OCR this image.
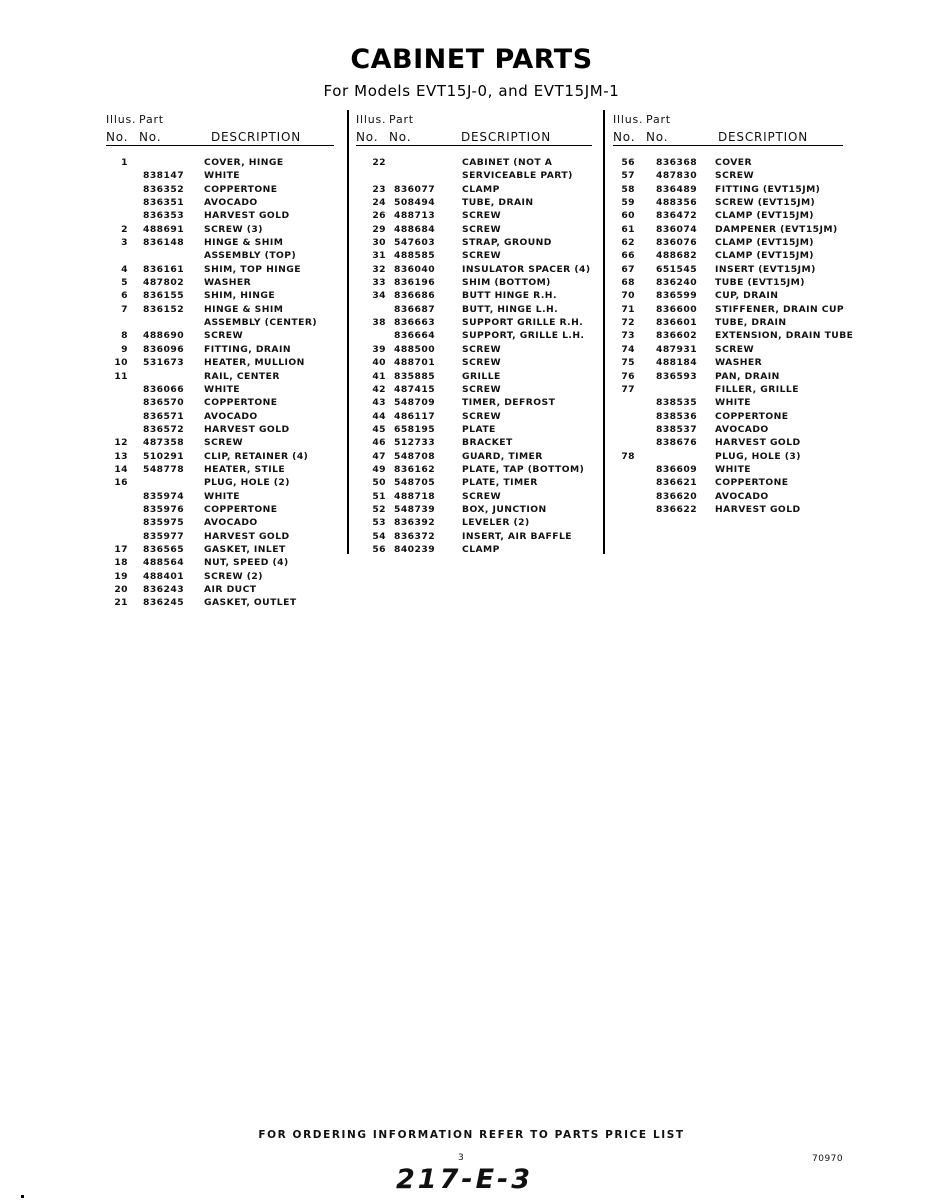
CABINET PARTS
For Models EVT15J-0, and EVT15JM-1
Illus. Part
No. No.	DESCRIPTION
1	COVER, HINGE
838147 WHITE
836352 COPPERTONE
836351 AVOCADO
836353 HARVEST GOLD
2 488691 SCREW (3)
3 836148 HINGE & SHIM
ASSEMBLY (TOP)
4 836161 SHIM, TOP HINGE
5 487802 WASHER
6 836155 SHIM, HINGE
7 836152 HINGE & SHIM
ASSEMBLY (CENTER)
8 488690 SCREW
9 836096 FITTING, DRAIN
10 531673 HEATER, MULLION
11	RAIL, CENTER
836066 WHITE
836570 COPPERTONE
836571 AVOCADO
836572 HARVEST GOLD
12 487358 SCREW
13 510291 CLIP, RETAINER (4)
14 548778 HEATER, STILE
16	PLUG, HOLE (2)
835974 WHITE
835976 COPPERTONE
835975 AVOCADO
835977 HARVEST GOLD
17 836565 GASKET, INLET
18 488564 NUT, SPEED (4)
19 488401 SCREW (2)
20 836243 AIR DUCT
21 836245 GASKET, OUTLET
Illus. Part
No. No.	DESCRIPTION
22	CABINET (NOT A
SERVICEABLE PART)
23 836077	CLAMP
24 508494	TUBE, DRAIN
26 488713	SCREW
29 488684	SCREW
30 547603	STRAP, GROUND
31 488585	SCREW
32 836040	INSULATOR SPACER (4)
33 836196	SHIM (BOTTOM)
34 836686	BUTT HINGE R.H.
836687	BUTT, HINGE L.H.
38 836663	SUPPORT GRILLE R.H.
836664	SUPPORT, GRILLE L.H.
39 488500	SCREW
40 488701	SCREW
41 835885	GRILLE
42 487415	SCREW
43 548709	TIMER, DEFROST
44 486117	SCREW
45 658195	PLATE
46 512733	BRACKET
47 548708	GUARD, TIMER
49 836162	PLATE, TAP (BOTTOM)
50 548705	PLATE, TIMER
51 488718	SCREW
52 548739	BOX, JUNCTION
53 836392	LEVELER (2)
54 836372	INSERT, AIR BAFFLE
56 840239	CLAMP
Illus. Part
No. No.	DESCRIPTION
56 836368 COVER
57 487830 SCREW
58 836489 FITTING (EVT15JM)
59 488356 SCREW (EVT15JM)
60 836472 CLAMP (EVT15JM)
61 836074 DAMPENER (EVT15JM)
62 836076 CLAMP (EVT15JM)
66 488682 CLAMP (EVT15JM)
67 651545 INSERT (EVT15JM)
68 836240 TUBE (EVT15JM)
70 836599 CUP, DRAIN
71 836600 STIFFENER, DRAIN CUP
72 836601 TUBE, DRAIN
73 836602 EXTENSION, DRAIN TUBE
74 487931 SCREW
75 488184 WASHER
76 836593 PAN, DRAIN
77	FILLER, GRILLE
838535 WHITE
838536 COPPERTONE
838537 AVOCADO
838676 HARVEST GOLD
78	PLUG, HOLE (3)
836609 WHITE
836621 COPPERTONE
836620 AVOCADO
836622 HARVEST GOLD
FOR ORDERING INFORMATION REFER TO PARTS PRICE LIST
3
217-E-3
70970
